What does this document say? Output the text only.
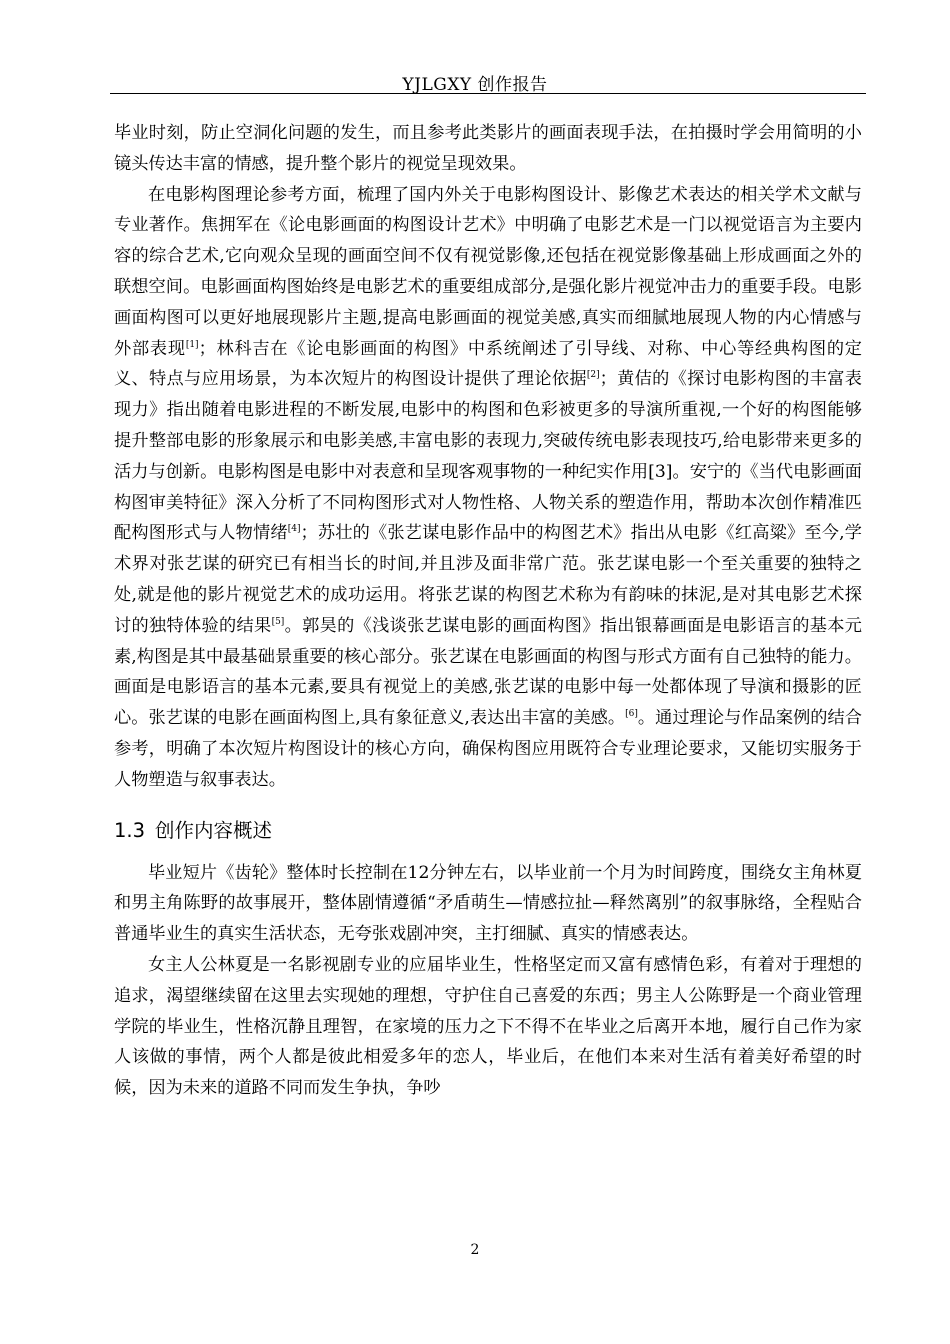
YJLGXY 创作报告

毕业时刻，防止空洞化问题的发生，而且参考此类影片的画面表现手法，在拍摄时学会用简明的小镜头传达丰富的情感，提升整个影片的视觉呈现效果。

在电影构图理论参考方面，梳理了国内外关于电影构图设计、影像艺术表达的相关学术文献与专业著作。焦拥军在《论电影画面的构图设计艺术》中明确了电影艺术是一门以视觉语言为主要内容的综合艺术,它向观众呈现的画面空间不仅有视觉影像,还包括在视觉影像基础上形成画面之外的联想空间。电影画面构图始终是电影艺术的重要组成部分,是强化影片视觉冲击力的重要手段。电影画面构图可以更好地展现影片主题,提高电影画面的视觉美感,真实而细腻地展现人物的内心情感与外部表现[1]；林科吉在《论电影画面的构图》中系统阐述了引导线、对称、中心等经典构图的定义、特点与应用场景，为本次短片的构图设计提供了理论依据[2]；黄佶的《探讨电影构图的丰富表现力》指出随着电影进程的不断发展,电影中的构图和色彩被更多的导演所重视,一个好的构图能够提升整部电影的形象展示和电影美感,丰富电影的表现力,突破传统电影表现技巧,给电影带来更多的活力与创新。电影构图是电影中对表意和呈现客观事物的一种纪实作用[3]。安宁的《当代电影画面构图审美特征》深入分析了不同构图形式对人物性格、人物关系的塑造作用，帮助本次创作精准匹配构图形式与人物情绪[4]；苏壮的《张艺谋电影作品中的构图艺术》指出从电影《红高粱》至今,学术界对张艺谋的研究已有相当长的时间,并且涉及面非常广范。张艺谋电影一个至关重要的独特之处,就是他的影片视觉艺术的成功运用。将张艺谋的构图艺术称为有韵味的抹泥,是对其电影艺术探讨的独特体验的结果[5]。郭昊的《浅谈张艺谋电影的画面构图》指出银幕画面是电影语言的基本元素,构图是其中最基础景重要的核心部分。张艺谋在电影画面的构图与形式方面有自己独特的能力。画面是电影语言的基本元素,要具有视觉上的美感,张艺谋的电影中每一处都体现了导演和摄影的匠心。张艺谋的电影在画面构图上,具有象征意义,表达出丰富的美感。[6]。通过理论与作品案例的结合参考，明确了本次短片构图设计的核心方向，确保构图应用既符合专业理论要求，又能切实服务于人物塑造与叙事表达。

1.3 创作内容概述

毕业短片《齿轮》整体时长控制在12分钟左右，以毕业前一个月为时间跨度，围绕女主角林夏和男主角陈野的故事展开，整体剧情遵循“矛盾萌生—情感拉扯—释然离别”的叙事脉络，全程贴合普通毕业生的真实生活状态，无夸张戏剧冲突，主打细腻、真实的情感表达。

女主人公林夏是一名影视剧专业的应届毕业生，性格坚定而又富有感情色彩，有着对于理想的追求，渴望继续留在这里去实现她的理想，守护住自己喜爱的东西；男主人公陈野是一个商业管理学院的毕业生，性格沉静且理智，在家境的压力之下不得不在毕业之后离开本地，履行自己作为家人该做的事情，两个人都是彼此相爱多年的恋人，毕业后，在他们本来对生活有着美好希望的时候，因为未来的道路不同而发生争执，争吵

2
